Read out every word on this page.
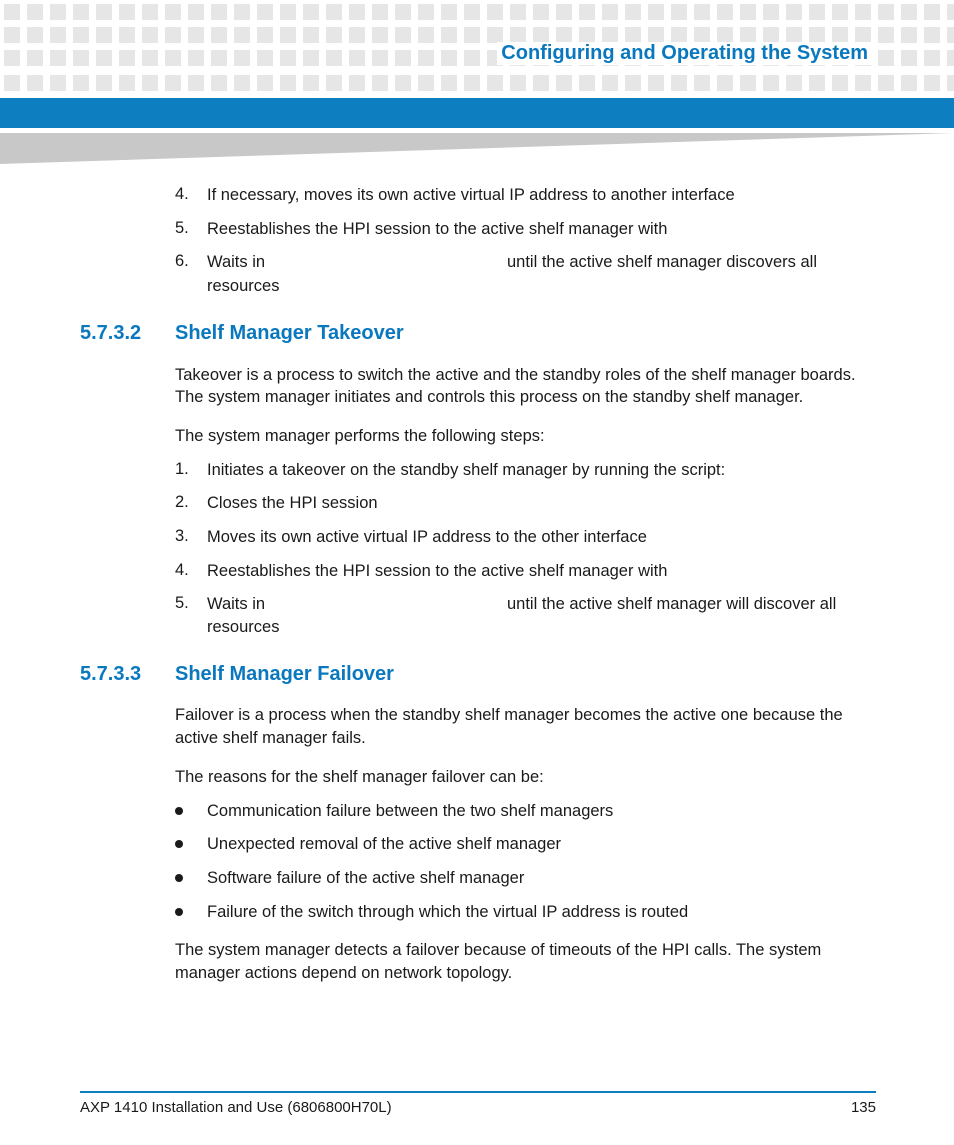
Configuring and Operating the System
4. If necessary, moves its own active virtual IP address to another interface
5. Reestablishes the HPI session to the active shelf manager with
6. Waits in	until the active shelf manager discovers all
resources
5.7.3.2 Shelf Manager Takeover
Takeover is a process to switch the active and the standby roles of the shelf manager boards.
The system manager initiates and controls this process on the standby shelf manager.
The system manager performs the following steps:
1. Initiates a takeover on the standby shelf manager by running the script:
2. Closes the HPI session
3. Moves its own active virtual IP address to the other interface
4. Reestablishes the HPI session to the active shelf manager with
5. Waits in	until the active shelf manager will discover all
resources
5.7.3.3 Shelf Manager Failover
Failover is a process when the standby shelf manager becomes the active one because the
active shelf manager fails.
The reasons for the shelf manager failover can be:
Communication failure between the two shelf managers
Unexpected removal of the active shelf manager
Software failure of the active shelf manager
Failure of the switch through which the virtual IP address is routed
The system manager detects a failover because of timeouts of the HPI calls. The system
manager actions depend on network topology.
AXP 1410 Installation and Use (6806800H70L)	135
